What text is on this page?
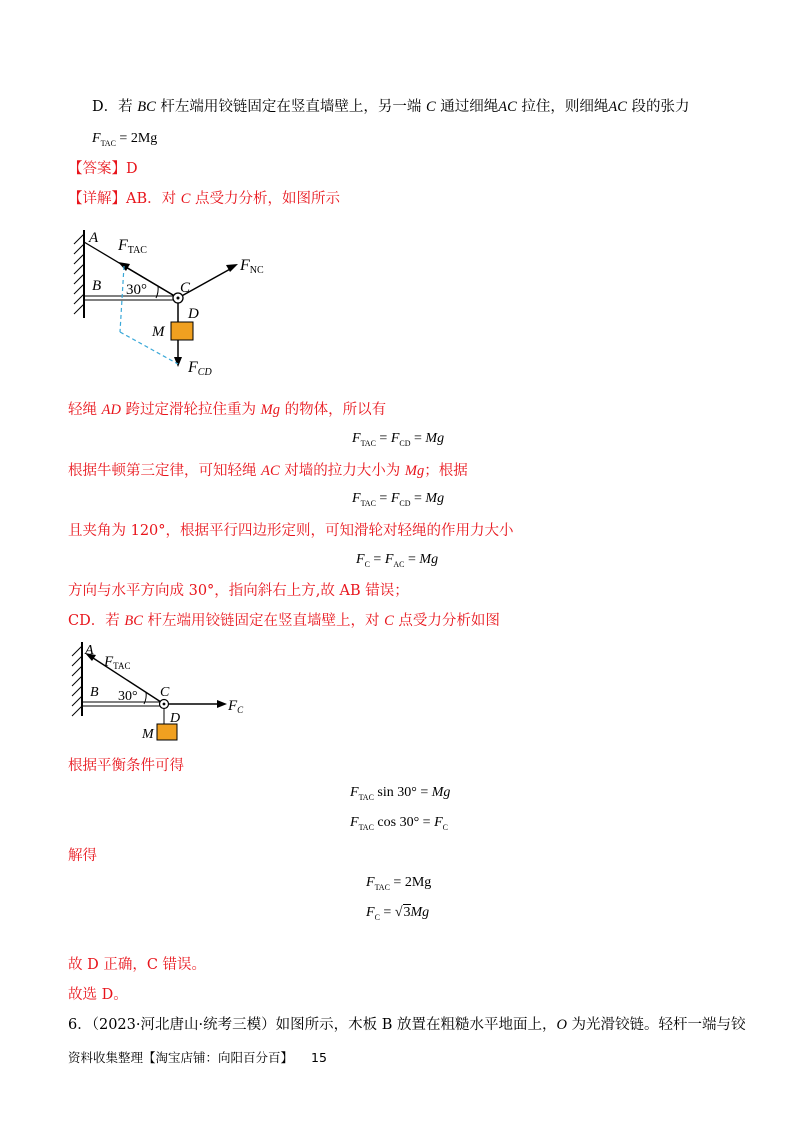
D．若 BC 杆左端用铰链固定在竖直墙壁上，另一端 C 通过细绳AC 拉住，则细绳AC 段的张力
$F_{TAC} = 2Mg$
【答案】D
【详解】AB．对 C 点受力分析，如图所示
A
B 30° C
D
M
FTAC
FNC
FCD
轻绳 AD 跨过定滑轮拉住重为 Mg 的物体，所以有
$F_{TAC} = F_{CD} = Mg$
根据牛顿第三定律，可知轻绳 AC 对墙的拉力大小为 Mg；根据
$F_{TAC} = F_{CD} = Mg$
且夹角为 120°，根据平行四边形定则，可知滑轮对轻绳的作用力大小
$F_C = F_{AC} = Mg$
方向与水平方向成 30°，指向斜右上方,故 AB 错误；
CD．若 BC 杆左端用铰链固定在竖直墙壁上，对 C 点受力分析如图
A
B 30° C
D
M
$F_{TAC}$
$F_C$
根据平衡条件可得
$F_{TAC}$ sin 30° = Mg
$F_{TAC}$ $\cos 30^\circ = F_C$
解得
$F_{TAC} = 2Mg$
$F_C = √3Mg$
故 D 正确，C 错误。
故选 D。
6．（2023·河北唐山·统考三模）如图所示，木板 B 放置在粗糙水平地面上，O 为光滑铰链。轻杆一端与铰
资料收集整理【淘宝店铺：向阳百分百】 15
